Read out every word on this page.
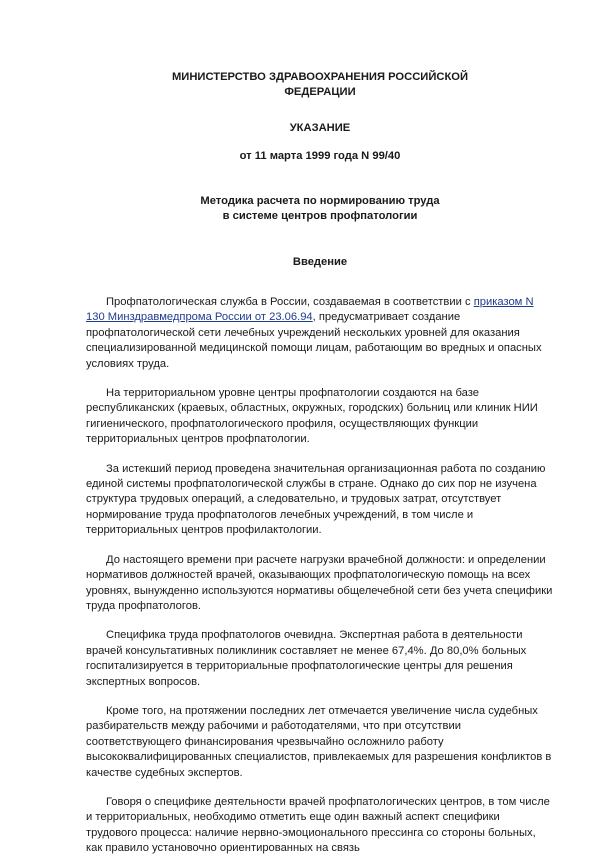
МИНИСТЕРСТВО ЗДРАВООХРАНЕНИЯ РОССИЙСКОЙ
ФЕДЕРАЦИИ

УКАЗАНИЕ

от 11 марта 1999 года N 99/40

Методика расчета по нормированию труда
в системе центров профпатологии

Введение

Профпатологическая служба в России, создаваемая в соответствии с приказом N 130 Минздравмедпрома России от 23.06.94, предусматривает создание профпатологической сети лечебных учреждений нескольких уровней для оказания специализированной медицинской помощи лицам, работающим во вредных и опасных условиях труда.

На территориальном уровне центры профпатологии создаются на базе республиканских (краевых, областных, окружных, городских) больниц или клиник НИИ гигиенического, профпатологического профиля, осуществляющих функции территориальных центров профпатологии.

За истекший период проведена значительная организационная работа по созданию единой системы профпатологической службы в стране. Однако до сих пор не изучена структура трудовых операций, а следовательно, и трудовых затрат, отсутствует нормирование труда профпатологов лечебных учреждений, в том числе и территориальных центров профилактологии.

До настоящего времени при расчете нагрузки врачебной должности: и определении нормативов должностей врачей, оказывающих профпатологическую помощь на всех уровнях, вынужденно используются нормативы общелечебной сети без учета специфики труда профпатологов.

Специфика труда профпатологов очевидна. Экспертная работа в деятельности врачей консультативных поликлиник составляет не менее 67,4%. До 80,0% больных госпитализируется в территориальные профпатологические центры для решения экспертных вопросов.

Кроме того, на протяжении последних лет отмечается увеличение числа судебных разбирательств между рабочими и работодателями, что при отсутствии соответствующего финансирования чрезвычайно осложнило работу высококвалифицированных специалистов, привлекаемых для разрешения конфликтов в качестве судебных экспертов.

Говоря о специфике деятельности врачей профпатологических центров, в том числе и территориальных, необходимо отметить еще один важный аспект специфики трудового процесса: наличие нервно-эмоционального прессинга со стороны больных, как правило установочно ориентированных на связь
